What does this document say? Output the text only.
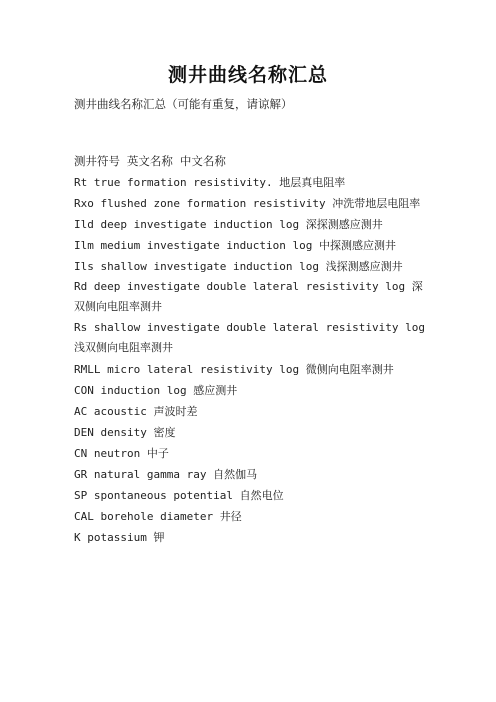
测井曲线名称汇总
测井曲线名称汇总（可能有重复，请谅解）
测井符号 英文名称 中文名称
Rt true formation resistivity. 地层真电阻率
Rxo flushed zone formation resistivity 冲洗带地层电阻率
Ild deep investigate induction log 深探测感应测井
Ilm medium investigate induction log 中探测感应测井
Ils shallow investigate induction log 浅探测感应测井
Rd deep investigate double lateral resistivity log 深双侧向电阻率测井
Rs shallow investigate double lateral resistivity log 浅双侧向电阻率测井
RMLL micro lateral resistivity log 微侧向电阻率测井
CON induction log 感应测井
AC acoustic 声波时差
DEN density 密度
CN neutron 中子
GR natural gamma ray 自然伽马
SP spontaneous potential 自然电位
CAL borehole diameter 井径
K potassium 钾
